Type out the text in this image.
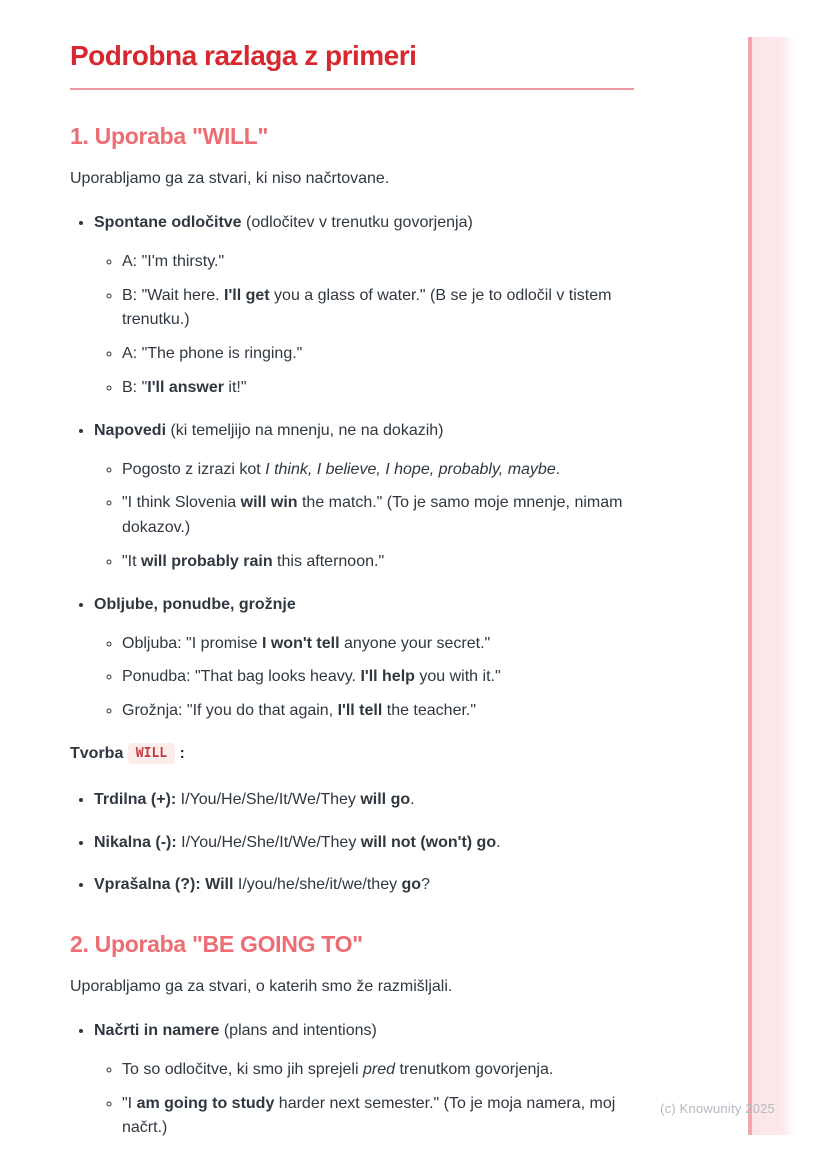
Podrobna razlaga z primeri
1. Uporaba "WILL"

Uporabljamo ga za stvari, ki niso načrtovane.

• Spontane odločitve (odločitev v trenutku govorjenja)
◦ A: "I'm thirsty."
◦ B: "Wait here. I'll get you a glass of water." (B se je to odločil v tistem trenutku.)
◦ A: "The phone is ringing."
◦ B: "I'll answer it!"
• Napovedi (ki temeljijo na mnenju, ne na dokazih)
◦ Pogosto z izrazi kot I think, I believe, I hope, probably, maybe.
◦ "I think Slovenia will win the match." (To je samo moje mnenje, nimam dokazov.)
◦ "It will probably rain this afternoon."
• Obljube, ponudbe, grožnje
◦ Obljuba: "I promise I won't tell anyone your secret."
◦ Ponudba: "That bag looks heavy. I'll help you with it."
◦ Grožnja: "If you do that again, I'll tell the teacher."

Tvorba WILL :

• Trdilna (+): I/You/He/She/It/We/They will go.
• Nikalna (-): I/You/He/She/It/We/They will not (won't) go.
• Vprašalna (?): Will I/you/he/she/it/we/they go?
2. Uporaba "BE GOING TO"

Uporabljamo ga za stvari, o katerih smo že razmišljali.

• Načrti in namere (plans and intentions)
◦ To so odločitve, ki smo jih sprejeli pred trenutkom govorjenja.
◦ "I am going to study harder next semester." (To je moja namera, moj načrt.)
(c) Knowunity 2025
